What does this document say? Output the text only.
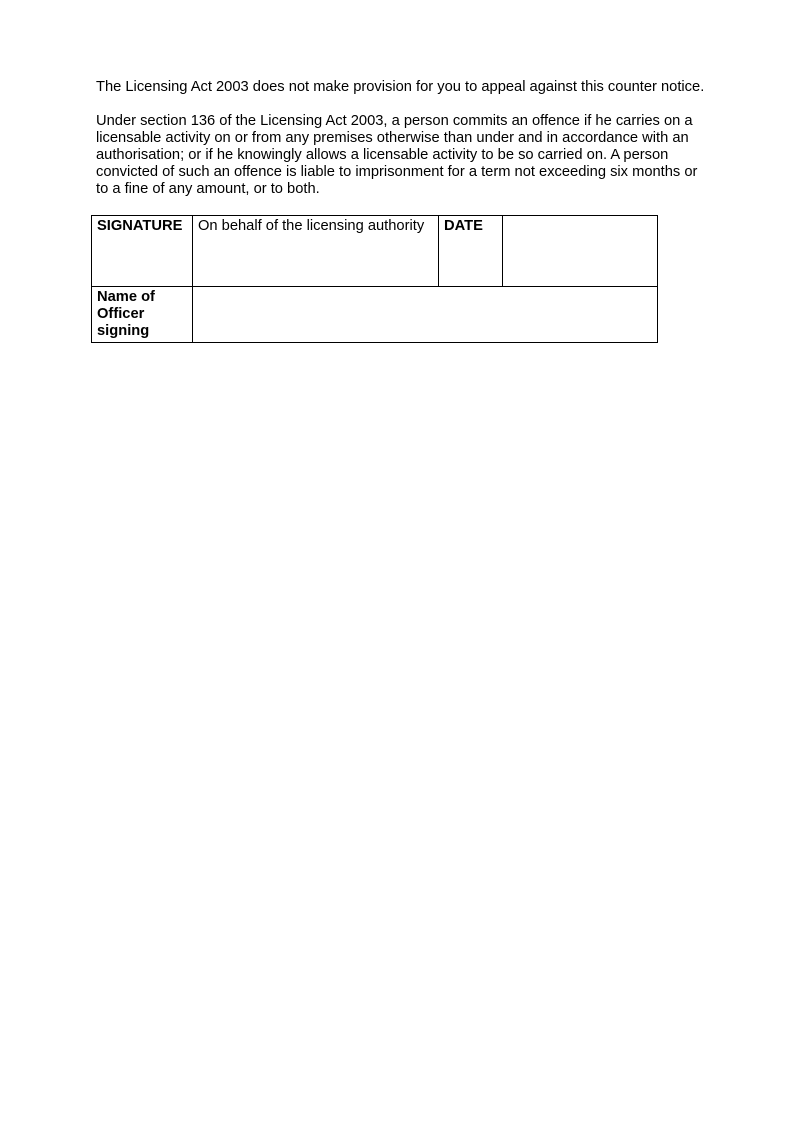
The Licensing Act 2003 does not make provision for you to appeal against this counter notice.

Under section 136 of the Licensing Act 2003, a person commits an offence if he carries on a licensable activity on or from any premises otherwise than under and in accordance with an authorisation; or if he knowingly allows a licensable activity to be so carried on. A person convicted of such an offence is liable to imprisonment for a term not exceeding six months or to a fine of any amount, or to both.

SIGNATURE	On behalf of the licensing authority	DATE	
Name of Officer signing			
